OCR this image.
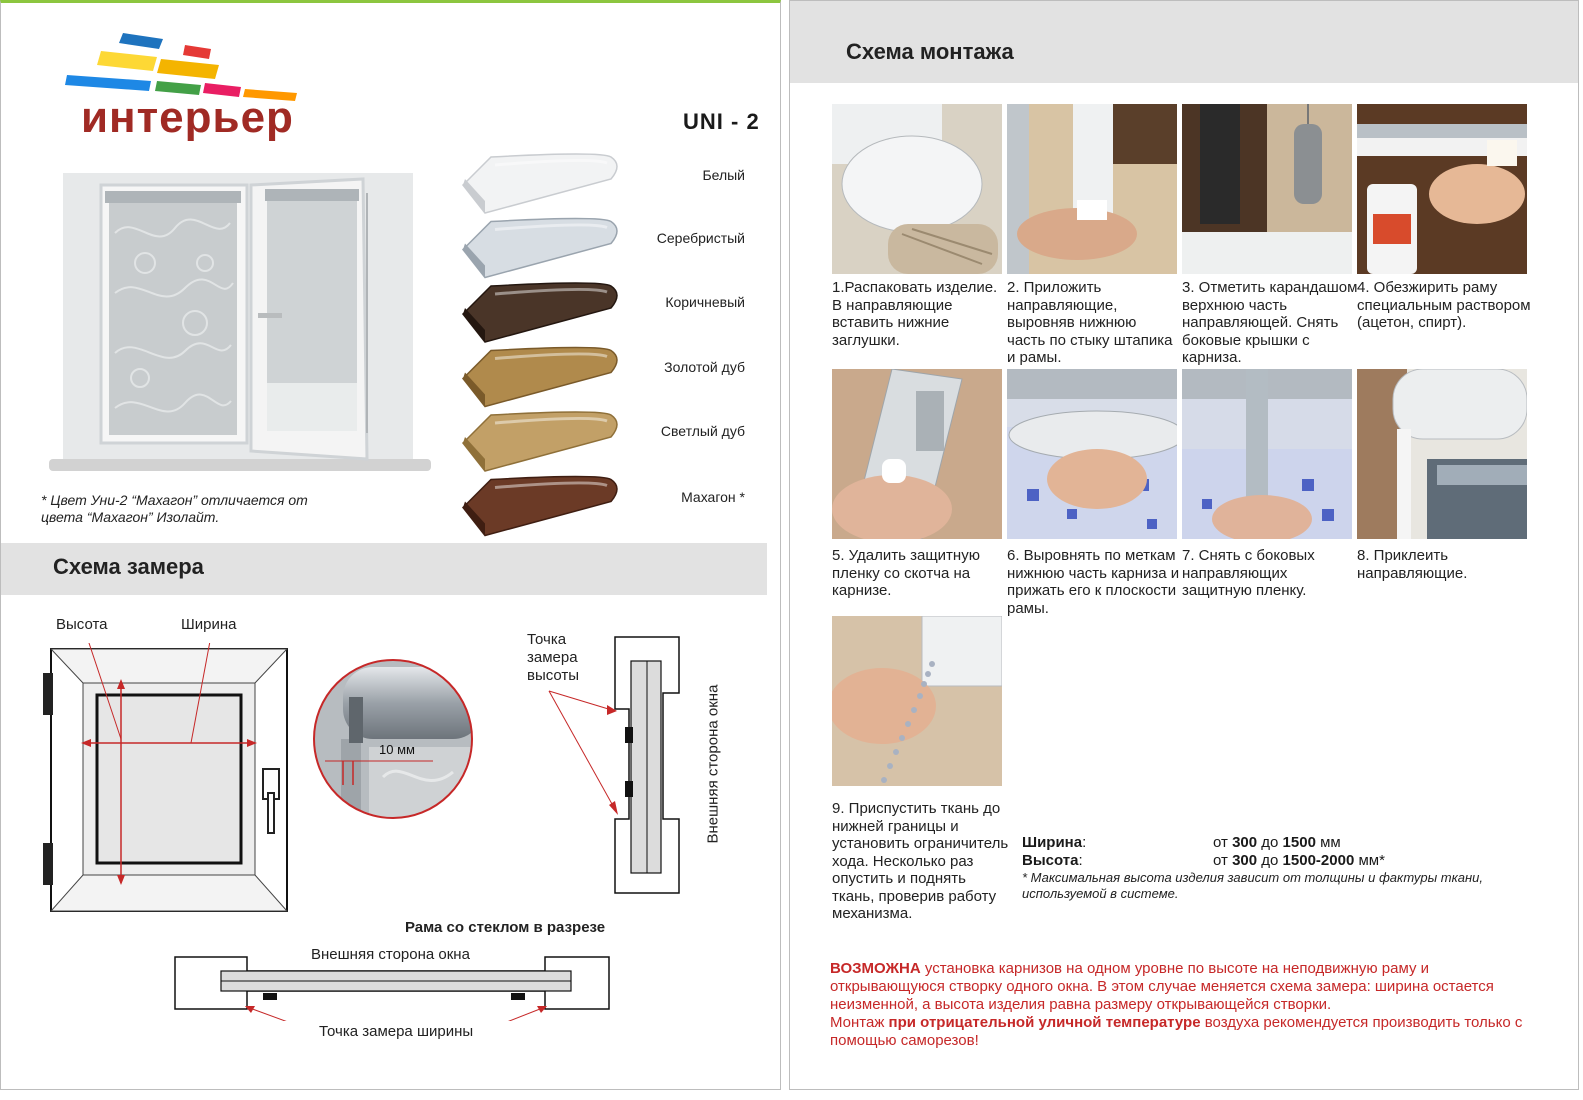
интерьер	UNI - 2
Белый
Серебристый
Коричневый
Золотой дуб
Светлый дуб
Махагон *
* Цвет Уни-2 “Махагон” отличается от цвета “Махагон” Изолайт.
Схема замера
Высота	Ширина
10 мм
Точка замера высоты
Внешняя сторона окна
Рама со стеклом в разрезе
Внешняя сторона окна
Точка замера ширины
Схема монтажа
1.Распаковать изделие. В направляющие вставить нижние заглушки.
2. Приложить направляющие, выровняв нижнюю часть по стыку штапика и рамы.
3. Отметить карандашом верхнюю часть направляющей. Снять боковые крышки с карниза.
4. Обезжирить раму специальным раствором (ацетон, спирт).
5. Удалить защитную пленку со скотча на карнизе.
6. Выровнять по меткам нижнюю часть карниза и прижать его к плоскости рамы.
7. Снять с боковых направляющих защитную пленку.
8. Приклеить направляющие.
9. Приспустить ткань до нижней границы и установить ограничитель хода. Несколько раз опустить и поднять ткань, проверив работу механизма.
Ширина:	от 300 до 1500 мм
Высота:	от 300 до 1500-2000 мм*
* Максимальная высота изделия зависит от толщины и фактуры ткани, используемой в системе.
ВОЗМОЖНА установка карнизов на одном уровне по высоте на неподвижную раму и открывающуюся створку одного окна. В этом случае меняется схема замера: ширина остается неизменной, а высота изделия равна размеру открывающейся створки.
Монтаж при отрицательной уличной температуре воздуха рекомендуется производить только с помощью саморезов!
